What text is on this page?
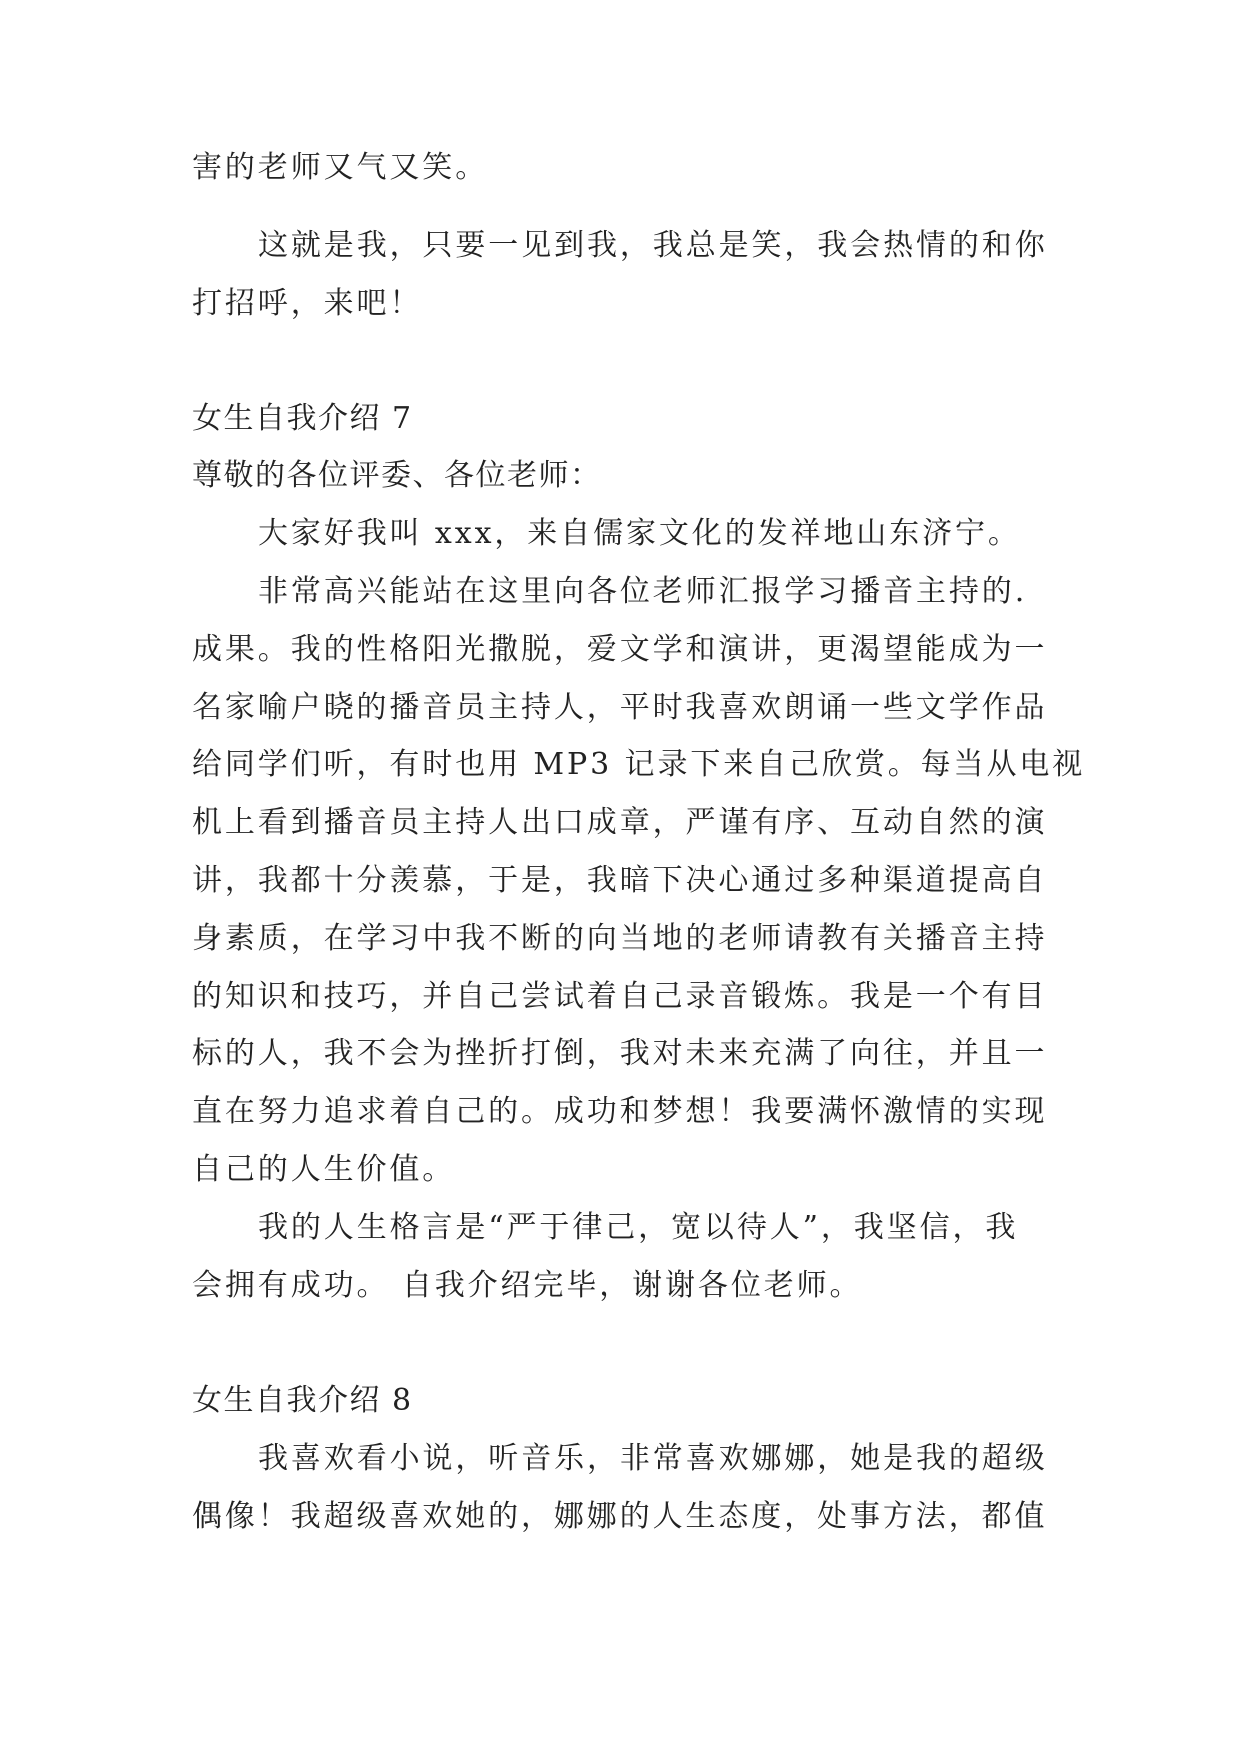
害的老师又气又笑。
这就是我，只要一见到我，我总是笑，我会热情的和你
打招呼，来吧！
女生自我介绍 7
尊敬的各位评委、各位老师：
大家好我叫 xxx，来自儒家文化的发祥地山东济宁。
非常高兴能站在这里向各位老师汇报学习播音主持的.
成果。我的性格阳光撒脱，爱文学和演讲，更渴望能成为一
名家喻户晓的播音员主持人，平时我喜欢朗诵一些文学作品
给同学们听，有时也用 MP3 记录下来自己欣赏。每当从电视
机上看到播音员主持人出口成章，严谨有序、互动自然的演
讲，我都十分羡慕，于是，我暗下决心通过多种渠道提高自
身素质，在学习中我不断的向当地的老师请教有关播音主持
的知识和技巧，并自己尝试着自己录音锻炼。我是一个有目
标的人，我不会为挫折打倒，我对未来充满了向往，并且一
直在努力追求着自己的。成功和梦想！我要满怀激情的实现
自己的人生价值。
我的人生格言是“严于律己，宽以待人”，我坚信，我
会拥有成功。 自我介绍完毕，谢谢各位老师。
女生自我介绍 8
我喜欢看小说，听音乐，非常喜欢娜娜，她是我的超级
偶像！我超级喜欢她的，娜娜的人生态度，处事方法，都值
